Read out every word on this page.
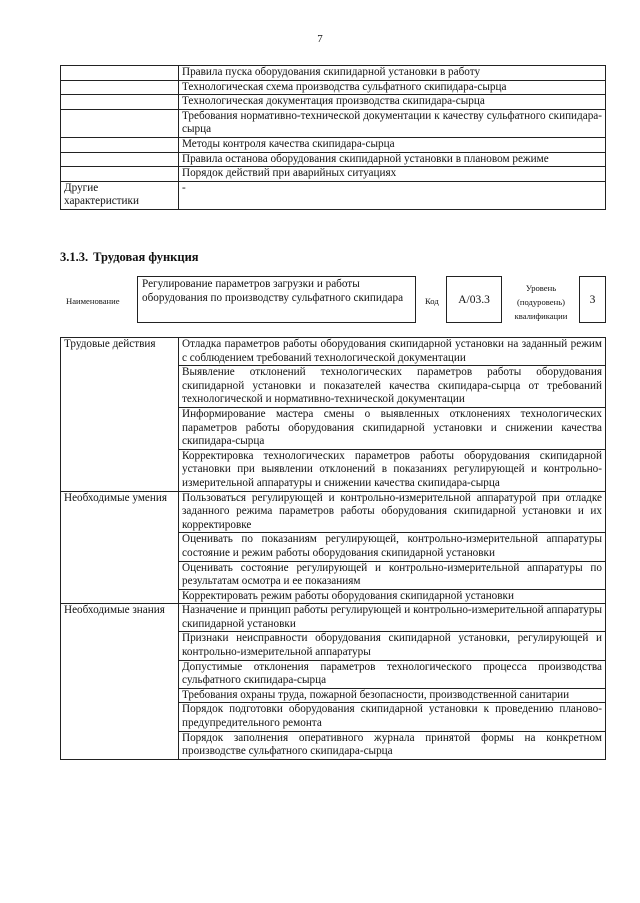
7
	Правила пуска оборудования скипидарной установки в работу
	Технологическая схема производства сульфатного скипидара-сырца
	Технологическая документация производства скипидара-сырца
	Требования нормативно-технической документации к качеству сульфатного скипидара-сырца
	Методы контроля качества скипидара-сырца
	Правила останова оборудования скипидарной установки в плановом режиме
	Порядок действий при аварийных ситуациях
Другие характеристики	-
3.1.3. Трудовая функция
Наименование
Регулирование параметров загрузки и работы оборудования по производству сульфатного скипидара	Код A/03.3
Уровень (подуровень) квалификации
3
Трудовые действия	Отладка параметров работы оборудования скипидарной установки на заданный режим с соблюдением требований технологической документации
	Выявление отклонений технологических параметров работы оборудования скипидарной установки и показателей качества скипидара-сырца от требований технологической и нормативно-технической документации
	Информирование мастера смены о выявленных отклонениях технологических параметров работы оборудования скипидарной установки и снижении качества скипидара-сырца
	Корректировка технологических параметров работы оборудования скипидарной установки при выявлении отклонений в показаниях регулирующей и контрольно-измерительной аппаратуры и снижении качества скипидара-сырца
Необходимые умения	Пользоваться регулирующей и контрольно-измерительной аппаратурой при отладке заданного режима параметров работы оборудования скипидарной установки и их корректировке
	Оценивать по показаниям регулирующей, контрольно-измерительной аппаратуры состояние и режим работы оборудования скипидарной установки
	Оценивать состояние регулирующей и контрольно-измерительной аппаратуры по результатам осмотра и ее показаниям
	Корректировать режим работы оборудования скипидарной установки
Необходимые знания	Назначение и принцип работы регулирующей и контрольно-измерительной аппаратуры скипидарной установки
	Признаки неисправности оборудования скипидарной установки, регулирующей и контрольно-измерительной аппаратуры
	Допустимые отклонения параметров технологического процесса производства сульфатного скипидара-сырца
	Требования охраны труда, пожарной безопасности, производственной санитарии
	Порядок подготовки оборудования скипидарной установки к проведению планово-предупредительного ремонта
	Порядок заполнения оперативного журнала принятой формы на конкретном производстве сульфатного скипидара-сырца
